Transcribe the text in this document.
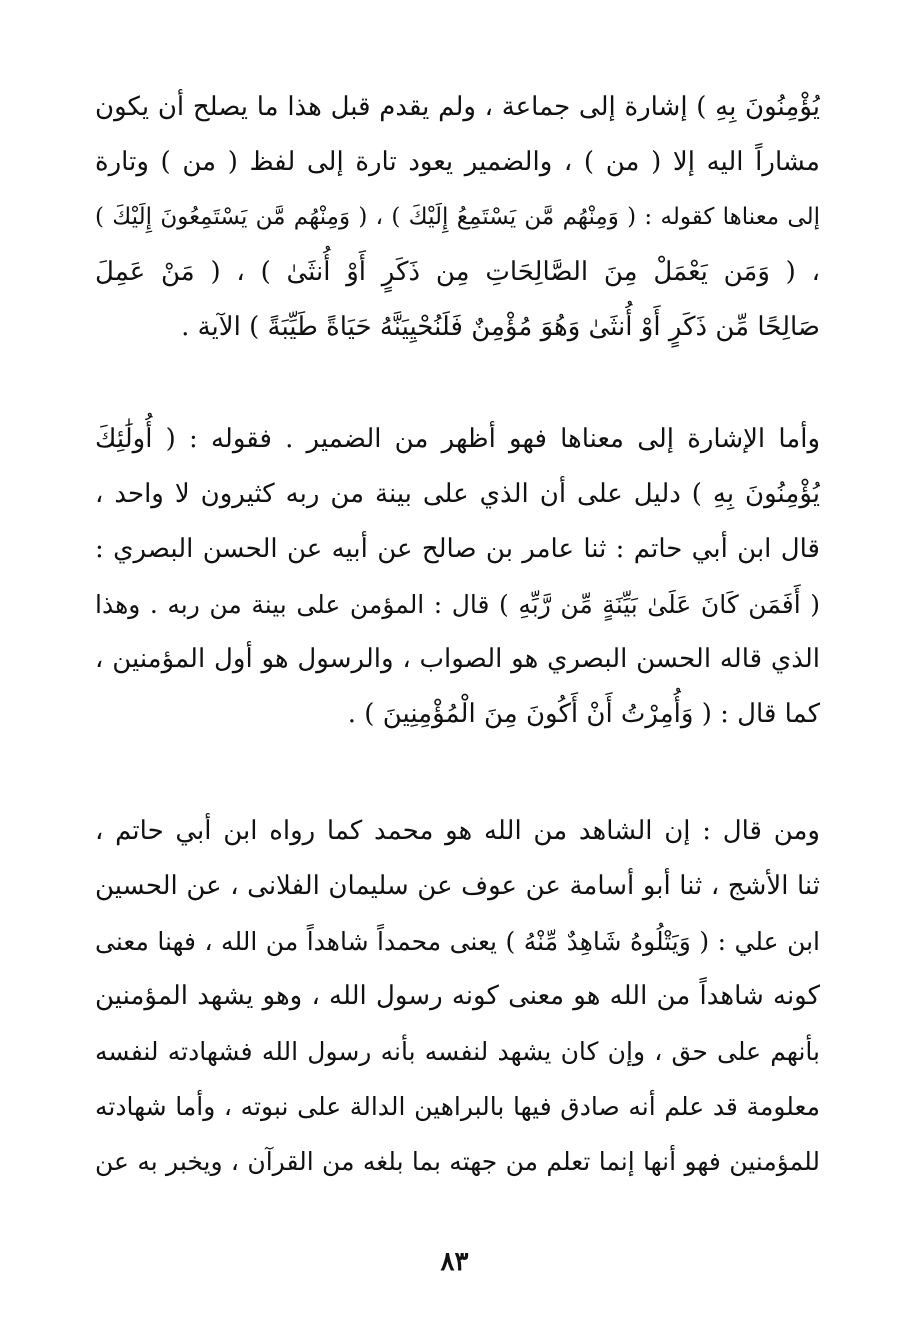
يُؤْمِنُونَ بِهِ ) إشارة إلى جماعة ، ولم يقدم قبل هذا ما يصلح أن يكون
مشاراً اليه إلا ( من ) ، والضمير يعود تارة إلى لفظ ( من ) وتارة
إلى معناها كقوله : ( وَمِنْهُم مَّن يَسْتَمِعُ إِلَيْكَ ) ، ( وَمِنْهُم مَّن يَسْتَمِعُونَ إِلَيْكَ )
، ( وَمَن يَعْمَلْ مِنَ الصَّالِحَاتِ مِن ذَكَرٍ أَوْ أُنثَىٰ ) ، ( مَنْ عَمِلَ
صَالِحًا مِّن ذَكَرٍ أَوْ أُنثَىٰ وَهُوَ مُؤْمِنٌ فَلَنُحْيِيَنَّهُ حَيَاةً طَيِّبَةً ) الآية .
وأما الإشارة إلى معناها فهو أظهر من الضمير . فقوله : ( أُولَٰئِكَ
يُؤْمِنُونَ بِهِ ) دليل على أن الذي على بينة من ربه كثيرون لا واحد ،
قال ابن أبي حاتم : ثنا عامر بن صالح عن أبيه عن الحسن البصري :
( أَفَمَن كَانَ عَلَىٰ بَيِّنَةٍ مِّن رَّبِّهِ ) قال : المؤمن على بينة من ربه . وهذا
الذي قاله الحسن البصري هو الصواب ، والرسول هو أول المؤمنين ،
كما قال : ( وَأُمِرْتُ أَنْ أَكُونَ مِنَ الْمُؤْمِنِينَ ) .
ومن قال : إن الشاهد من الله هو محمد كما رواه ابن أبي حاتم ،
ثنا الأشج ، ثنا أبو أسامة عن عوف عن سليمان الفلانى ، عن الحسين
ابن علي : ( وَيَتْلُوهُ شَاهِدٌ مِّنْهُ ) يعنى محمداً شاهداً من الله ، فهنا معنى
كونه شاهداً من الله هو معنى كونه رسول الله ، وهو يشهد المؤمنين
بأنهم على حق ، وإن كان يشهد لنفسه بأنه رسول الله فشهادته لنفسه
معلومة قد علم أنه صادق فيها بالبراهين الدالة على نبوته ، وأما شهادته
للمؤمنين فهو أنها إنما تعلم من جهته بما بلغه من القرآن ، ويخبر به عن
٨٣
